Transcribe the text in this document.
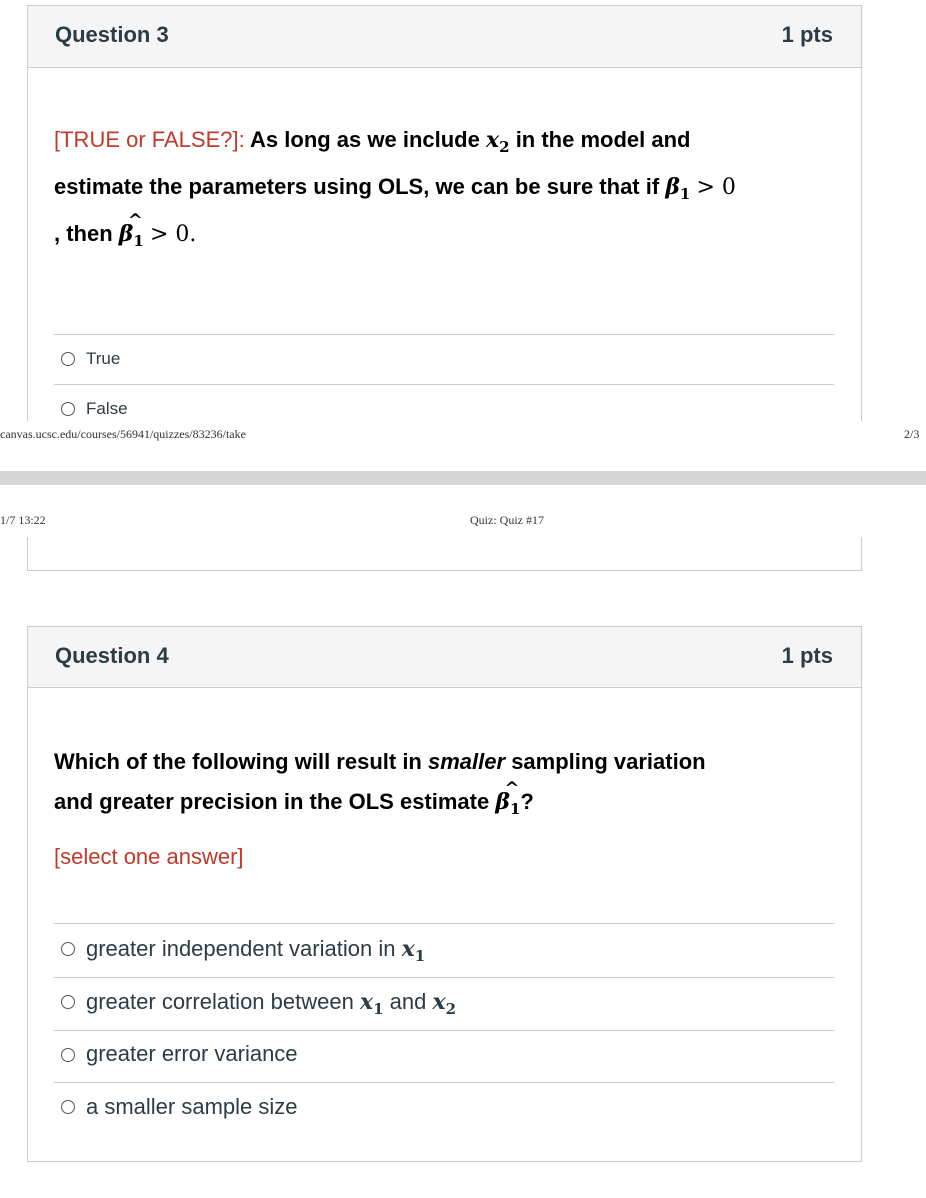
Question 3	1 pts
[TRUE or FALSE?]: As long as we include $x_2$ in the model and
estimate the parameters using OLS, we can be sure that if $\beta_1 > 0$
, then
^
$\beta_1 > 0$.
True
False
canvas.ucsc.edu/courses/56941/quizzes/83236/take	2/3
1/7 13:22	Quiz: Quiz #17
Question 4	1 pts
Which of the following will result in smaller sampling variation
and greater precision in the OLS estimate
^
$\beta_1$?
[select one answer]
greater independent variation in $x_1$
greater correlation between $x_1$ and $x_2$
greater error variance
a smaller sample size
